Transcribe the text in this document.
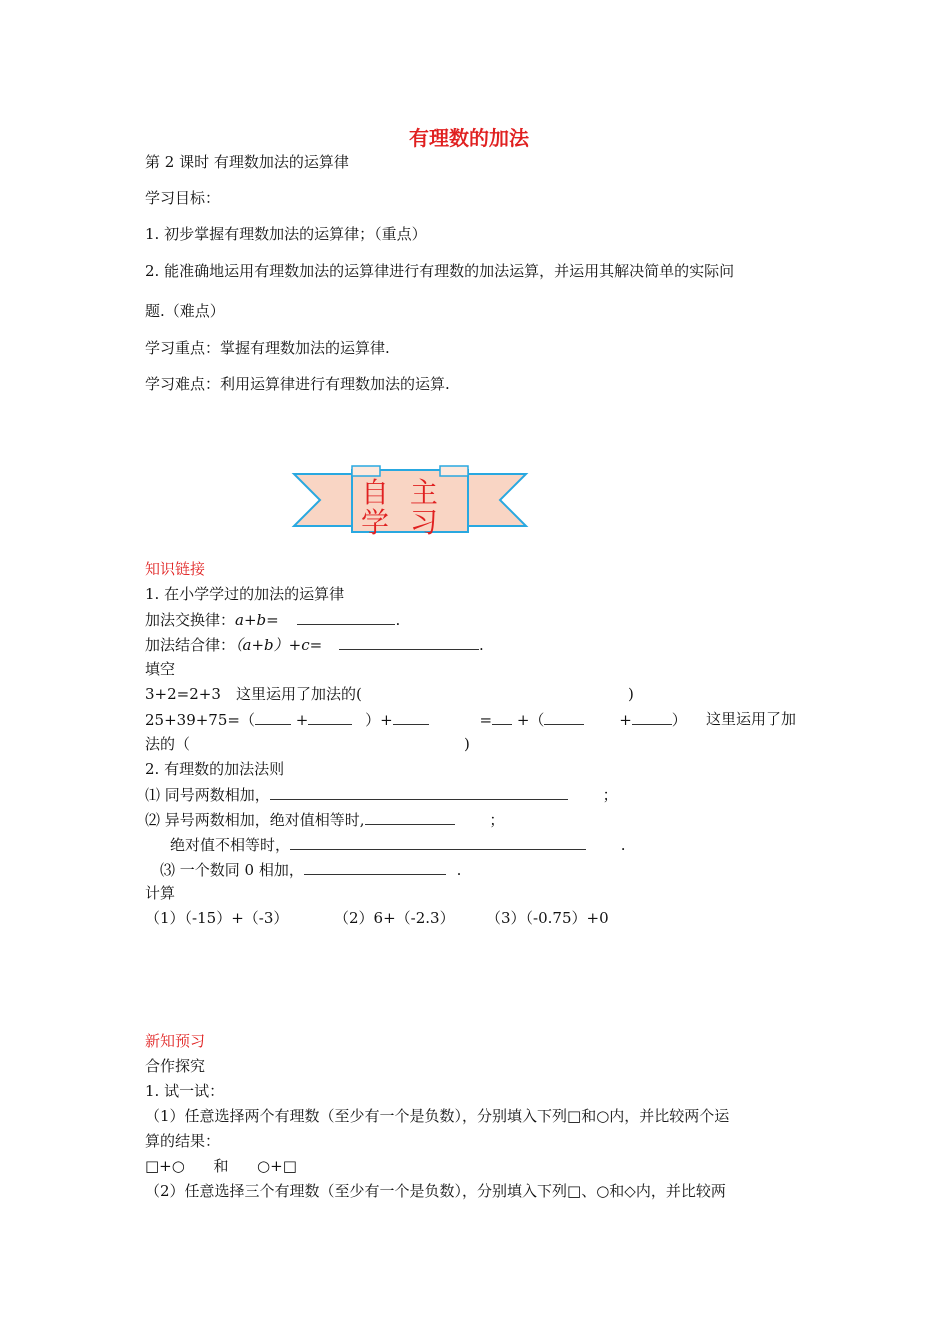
有理数的加法
第 2 课时 有理数加法的运算律
学习目标：
1. 初步掌握有理数加法的运算律；（重点）
2. 能准确地运用有理数加法的运算律进行有理数的加法运算，并运用其解决简单的实际问
题.（难点）
学习重点：掌握有理数加法的运算律.
学习难点：利用运算律进行有理数加法的运算.
自 主 学 习
知识链接
1. 在小学学过的加法的运算律
加法交换律：a+b=	.
加法结合律：（a+b）+c=	.
填空
3+2=2+3 这里运用了加法的(	)
25+39+75=（	+	）+	= +（	+	） 这里运用了加
法的（	)
2. 有理数的加法法则
⑴ 同号两数相加，	；
⑵ 异号两数相加，绝对值相等时,	；
绝对值不相等时，	.
⑶ 一个数同 0 相加，	.
计算
（1）（-15）+（-3）	（2）6+（-2.3） （3）（-0.75）+0
新知预习
合作探究
1. 试一试：
（1）任意选择两个有理数（至少有一个是负数），分别填入下列□和○内，并比较两个运
算的结果：
□+○      和      ○+□
（2）任意选择三个有理数（至少有一个是负数），分别填入下列□、○和◇内，并比较两
